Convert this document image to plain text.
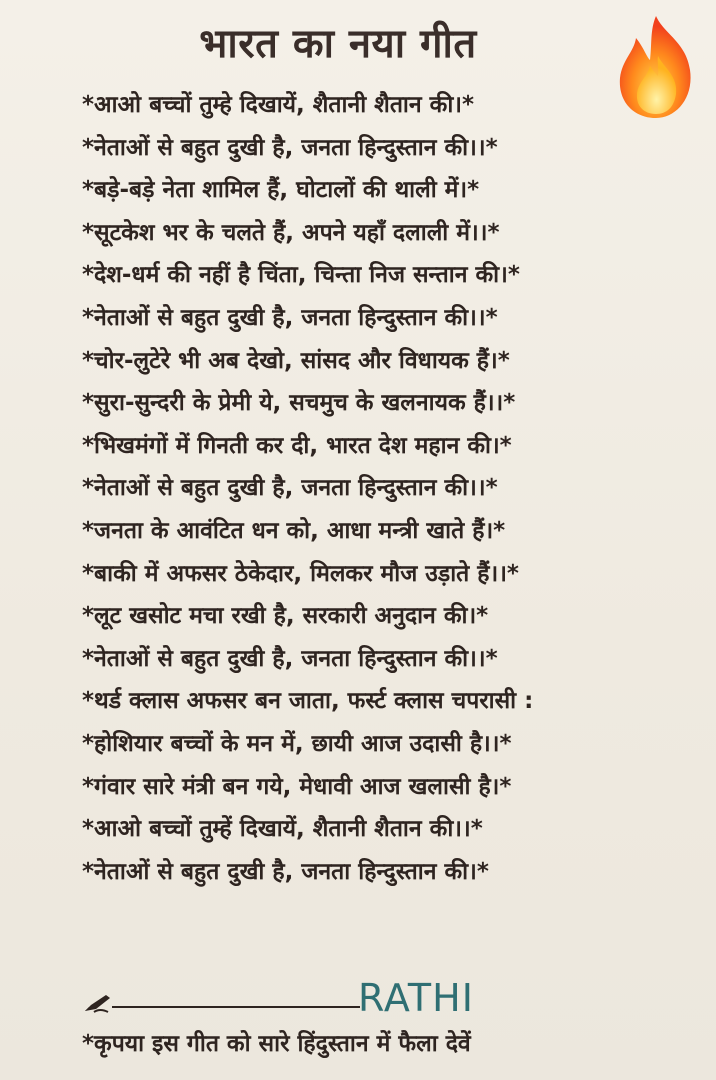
भारत का नया गीत
*आओ बच्चों तुम्हे दिखायें, शैतानी शैतान की।*
*नेताओं से बहुत दुखी है, जनता हिन्दुस्तान की।।*
*बड़े-बड़े नेता शामिल हैं, घोटालों की थाली में।*
*सूटकेश भर के चलते हैं, अपने यहाँ दलाली में।।*
*देश-धर्म की नहीं है चिंता, चिन्ता निज सन्तान की।*
*नेताओं से बहुत दुखी है, जनता हिन्दुस्तान की।।*
*चोर-लुटेरे भी अब देखो, सांसद और विधायक हैं।*
*सुरा-सुन्दरी के प्रेमी ये, सचमुच के खलनायक हैं।।*
*भिखमंगों में गिनती कर दी, भारत देश महान की।*
*नेताओं से बहुत दुखी है, जनता हिन्दुस्तान की।।*
*जनता के आवंटित धन को, आधा मन्त्री खाते हैं।*
*बाकी में अफसर ठेकेदार, मिलकर मौज उड़ाते हैं।।*
*लूट खसोट मचा रखी है, सरकारी अनुदान की।*
*नेताओं से बहुत दुखी है, जनता हिन्दुस्तान की।।*
*थर्ड क्लास अफसर बन जाता, फर्स्ट क्लास चपरासी :
*होशियार बच्चों के मन में, छायी आज उदासी है।।*
*गंवार सारे मंत्री बन गये, मेधावी आज खलासी है।*
*आओ बच्चों तुम्हें दिखायें, शैतानी शैतान की।।*
*नेताओं से बहुत दुखी है, जनता हिन्दुस्तान की।*
RATHI
*कृपया इस गीत को सारे हिंदुस्तान में फैला देवें
